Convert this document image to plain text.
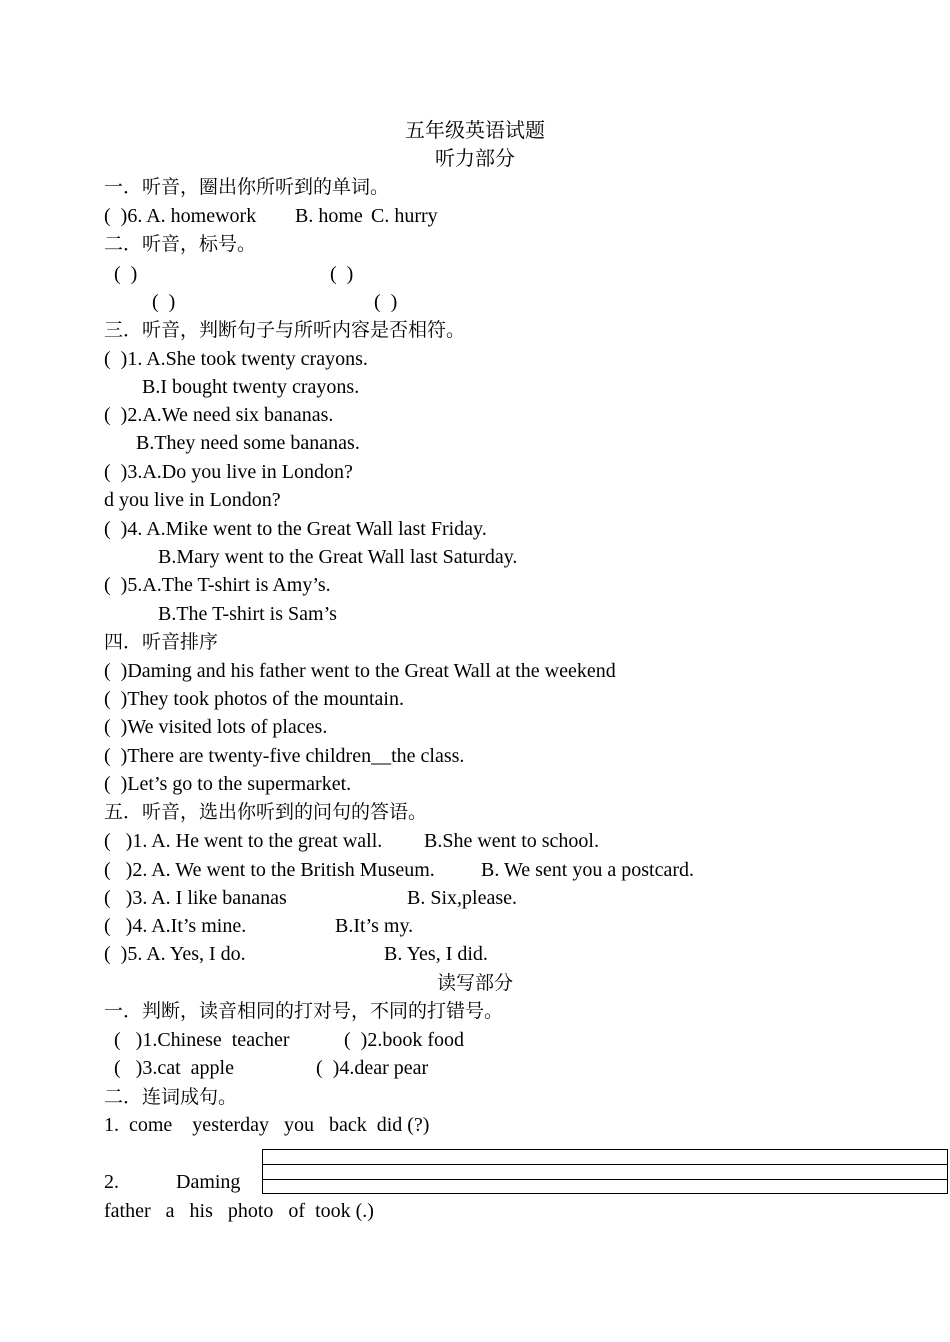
五年级英语试题
听力部分
一．听音，圈出你所听到的单词。

(  )6. A. homework

B. home

C. hurry

二．听音，标号。

(  )

	(  )

(  )

	(  )

三．听音，判断句子与所听内容是否相符。
(  )1. A.She took twenty crayons.
B.I bought twenty crayons.
(  )2.A.We need six bananas.
B.They need some bananas.
(  )3.A.Do you live in London?
d you live in London?
(  )4. A.Mike went to the Great Wall last Friday.
B.Mary went to the Great Wall last Saturday.
(  )5.A.The T-shirt is Amy’s.
B.The T-shirt is Sam’s
四．听音排序
(  )Daming and his father went to the Great Wall at the weekend
(  )They took photos of the mountain.
(  )We visited lots of places.
(  )There are twenty-five children__the class.
(  )Let’s go to the supermarket.
五．听音，选出你听到的问句的答语。

(   )1. A. He went to the great wall.

B.She went to school.

(   )2. A. We went to the British Museum.

B. We sent you a postcard.

(   )3. A. I like bananas

	B. Six,please.

(   )4. A.It’s mine.

	B.It’s my.

(  )5. A. Yes, I do.

	B. Yes, I did.

读写部分
一．判断，读音相同的打对号，不同的打错号。

(   )1.Chinese  teacher

	(  )2.book food

(   )3.cat  apple

	(  )4.dear pear

二．连词成句。
1.  come    yesterday   you   back  did (?)

2.

	Daming

father   a   his   photo   of  took (.)
